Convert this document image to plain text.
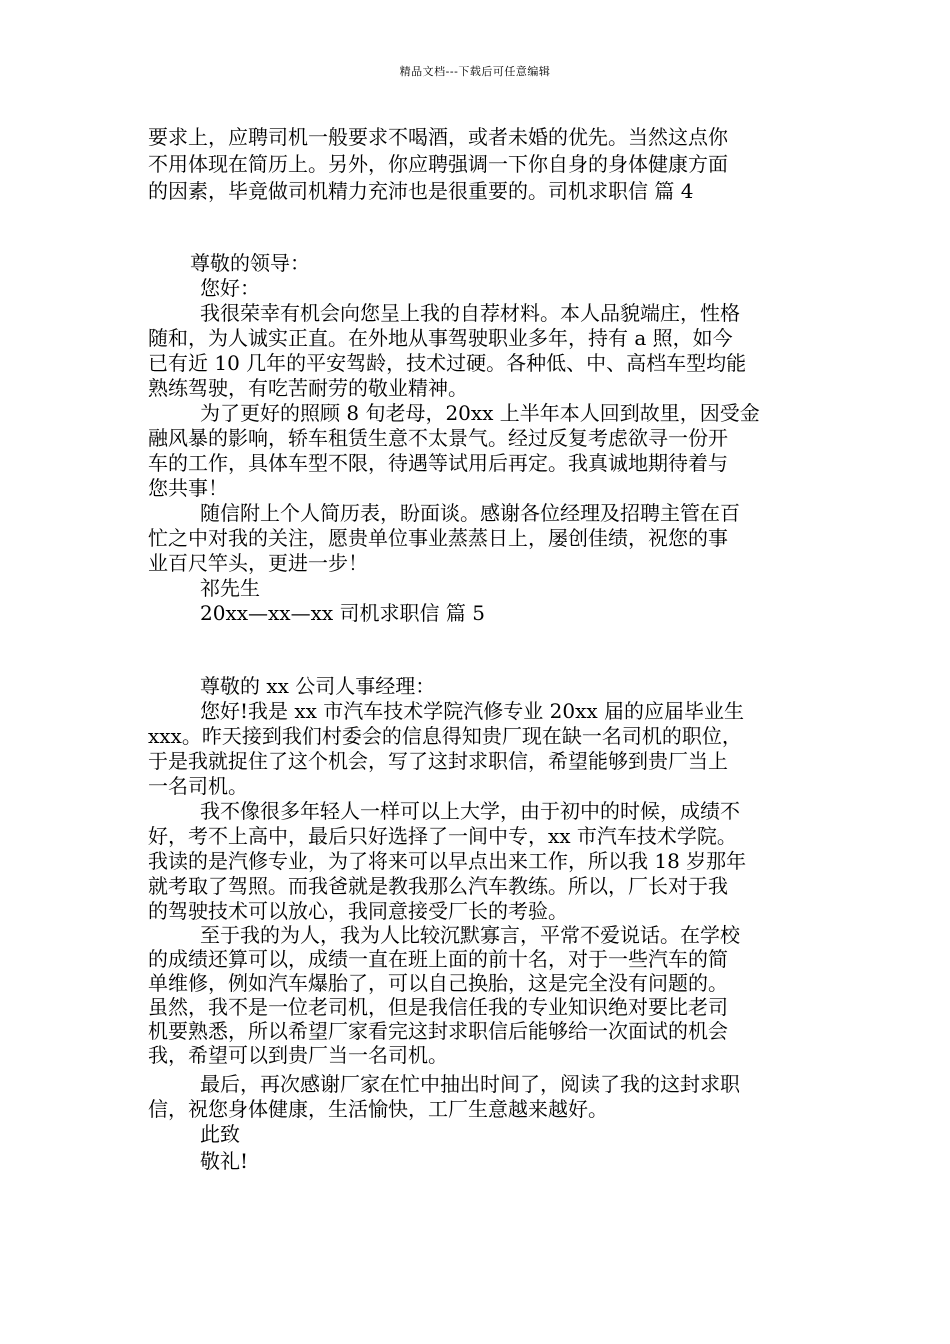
精品文档---下载后可任意编辑
要求上，应聘司机一般要求不喝酒，或者未婚的优先。当然这点你
不用体现在简历上。另外，你应聘强调一下你自身的身体健康方面
的因素，毕竟做司机精力充沛也是很重要的。司机求职信 篇 4
尊敬的领导：
您好：
我很荣幸有机会向您呈上我的自荐材料。本人品貌端庄，性格
随和，为人诚实正直。在外地从事驾驶职业多年，持有 a 照，如今
已有近 10 几年的平安驾龄，技术过硬。各种低、中、高档车型均能
熟练驾驶，有吃苦耐劳的敬业精神。
为了更好的照顾 8 旬老母，20xx 上半年本人回到故里，因受金
融风暴的影响，轿车租赁生意不太景气。经过反复考虑欲寻一份开
车的工作，具体车型不限，待遇等试用后再定。我真诚地期待着与
您共事！
随信附上个人简历表，盼面谈。感谢各位经理及招聘主管在百
忙之中对我的关注，愿贵单位事业蒸蒸日上，屡创佳绩，祝您的事
业百尺竿头，更进一步！
祁先生
20xx—xx—xx 司机求职信 篇 5
尊敬的 xx 公司人事经理：
您好!我是 xx 市汽车技术学院汽修专业 20xx 届的应届毕业生
xxx。昨天接到我们村委会的信息得知贵厂现在缺一名司机的职位，
于是我就捉住了这个机会，写了这封求职信，希望能够到贵厂当上
一名司机。
我不像很多年轻人一样可以上大学，由于初中的时候，成绩不
好，考不上高中，最后只好选择了一间中专，xx 市汽车技术学院。
我读的是汽修专业，为了将来可以早点出来工作，所以我 18 岁那年
就考取了驾照。而我爸就是教我那么汽车教练。所以，厂长对于我
的驾驶技术可以放心，我同意接受厂长的考验。
至于我的为人，我为人比较沉默寡言，平常不爱说话。在学校
的成绩还算可以，成绩一直在班上面的前十名，对于一些汽车的简
单维修，例如汽车爆胎了，可以自己换胎，这是完全没有问题的。
虽然，我不是一位老司机，但是我信任我的专业知识绝对要比老司
机要熟悉，所以希望厂家看完这封求职信后能够给一次面试的机会
我，希望可以到贵厂当一名司机。
最后，再次感谢厂家在忙中抽出时间了，阅读了我的这封求职
信，祝您身体健康，生活愉快，工厂生意越来越好。
此致
敬礼!
